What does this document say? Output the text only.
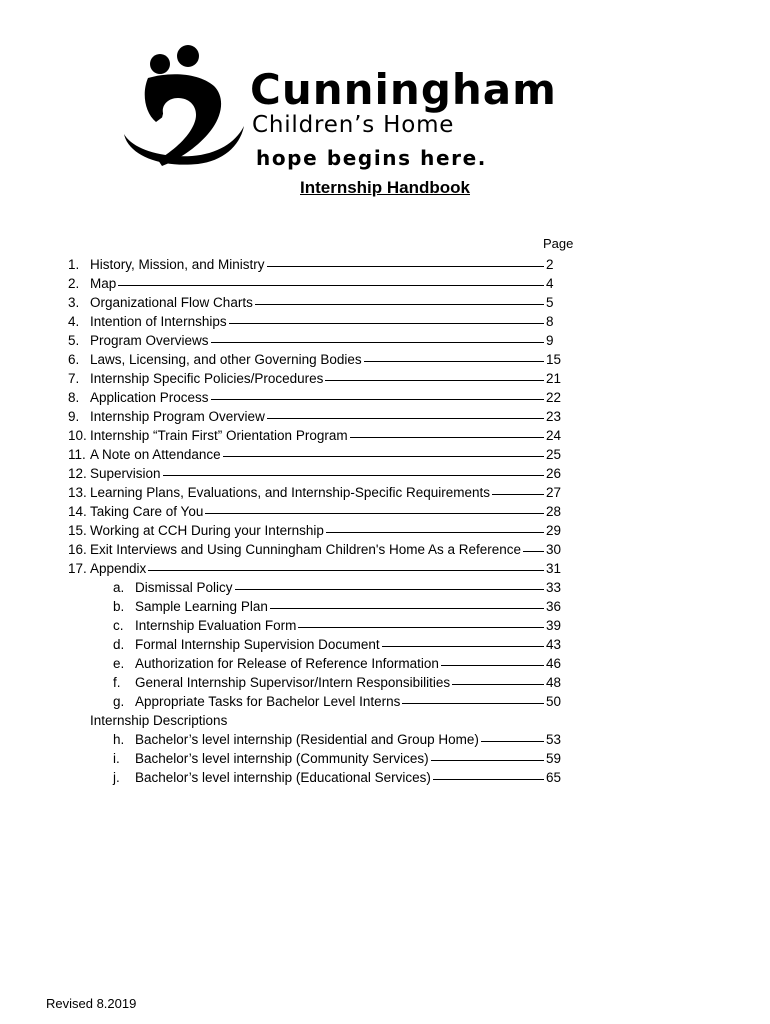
Cunningham
Children’s Home
hope begins here.
Internship Handbook
Page
1. History, Mission, and Ministry	2
2. Map	4
3. Organizational Flow Charts	5
4. Intention of Internships	8
5. Program Overviews	9
6. Laws, Licensing, and other Governing Bodies	15
7. Internship Specific Policies/Procedures	21
8. Application Process	22
9. Internship Program Overview	23
10. Internship “Train First” Orientation Program	24
11. A Note on Attendance	25
12. Supervision	26
13. Learning Plans, Evaluations, and Internship-Specific Requirements	27
14. Taking Care of You	28
15. Working at CCH During your Internship	29
16. Exit Interviews and Using Cunningham Children's Home As a Reference 30
17. Appendix	31
a. Dismissal Policy	33
b. Sample Learning Plan	36
c. Internship Evaluation Form	39
d. Formal Internship Supervision Document	43
e. Authorization for Release of Reference Information	46
f.	General Internship Supervisor/Intern Responsibilities	48
g. Appropriate Tasks for Bachelor Level Interns	50
Internship Descriptions
h. Bachelor’s level internship (Residential and Group Home)	53
i.	Bachelor’s level internship (Community Services)	59
j.	Bachelor’s level internship (Educational Services)	65
Revised 8.2019
